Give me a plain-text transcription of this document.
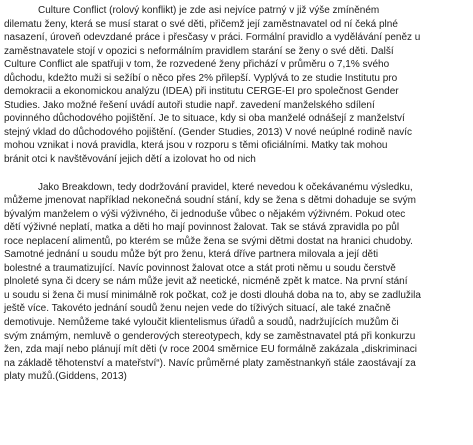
Culture Conflict (rolový konflikt) je zde asi nejvíce patrný v již výše zmíněném
dilematu ženy, která se musí starat o své děti, přičemž její zaměstnavatel od ní čeká plné
nasazení, úroveň odevzdané práce i přesčasy v práci. Formální pravidlo a vydělávání peněz u
zaměstnavatele stojí v opozici s neformálním pravidlem starání se ženy o své děti. Další
Culture Conflict ale spatřuji v tom, že rozvedené ženy přichází v průměru o 7,1% svého
důchodu, kdežto muži si sežíbí o něco přes 2% přilepší. Vyplývá to ze studie Institutu pro
demokracii a ekonomickou analýzu (IDEA) při institutu CERGE-EI pro společnost Gender
Studies. Jako možné řešení uvádí autoři studie např. zavedení manželského sdílení
povinného důchodového pojištění. Je to situace, kdy si oba manželé odnášejí z manželství
stejný vklad do důchodového pojištění. (Gender Studies, 2013) V nové neúplné rodině navíc
mohou vznikat i nová pravidla, která jsou v rozporu s těmi oficiálními. Matky tak mohou
bránit otci k navštěvování jejich dětí a izolovat ho od nich
Jako Breakdown, tedy dodržování pravidel, které nevedou k očekávanému výsledku,
můžeme jmenovat například nekonečná soudní stání, kdy se žena s dětmi dohaduje se svým
bývalým manželem o výši výživného, či jednoduše vůbec o nějakém výživném. Pokud otec
dětí výživné neplatí, matka a děti ho mají povinnost žalovat. Tak se stává zpravidla po půl
roce neplacení alimentů, po kterém se může žena se svými dětmi dostat na hranici chudoby.
Samotné jednání u soudu může být pro ženu, která dříve partnera milovala a její děti
bolestné a traumatizující. Navíc povinnost žalovat otce a stát proti němu u soudu čerstvě
plnoleté syna či dcery se nám může jevit až neetické, nicméně zpět k matce. Na první stání
u soudu si žena či musí minimálně rok počkat, což je dosti dlouhá doba na to, aby se zadlužila
ještě více. Takovéto jednání soudů ženu nejen vede do tíživých situací, ale také značně
demotivuje. Nemůžeme také vyloučit klientelismus úřadů a soudů, nadržujících mužům či
svým známým, nemluvě o genderových stereotypech, kdy se zaměstnavatel ptá při konkurzu
žen, zda mají nebo plánují mít děti (v roce 2004 směrnice EU formálně zakázala „diskriminaci
na základě těhotenství a mateřství“). Navíc průměrné platy zaměstnankyň stále zaostávají za
platy mužů.(Giddens, 2013)
